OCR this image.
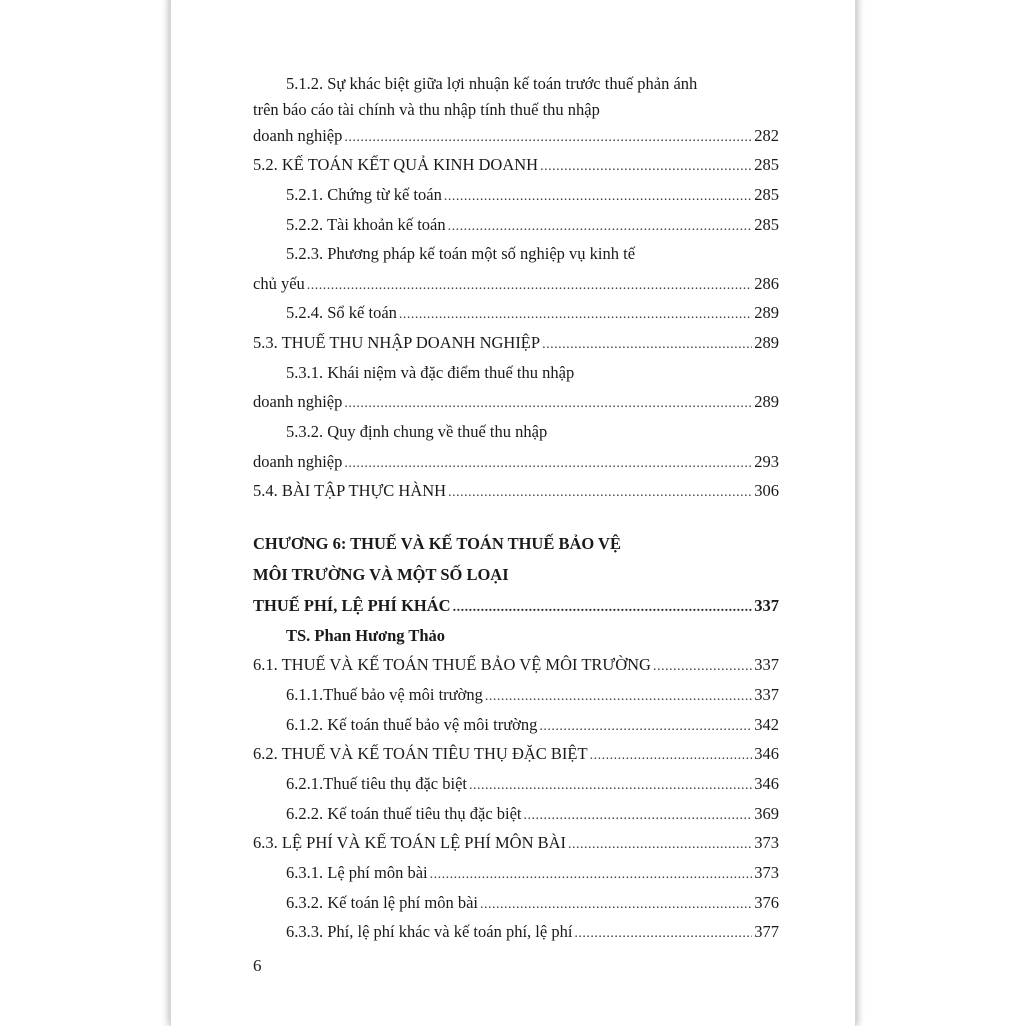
5.1.2. Sự khác biệt giữa lợi nhuận kế toán trước thuế phản ánh
trên báo cáo tài chính và thu nhập tính thuế thu nhập
doanh nghiệp .....	282
5.2. KẾ TOÁN KẾT QUẢ KINH DOANH .....	285
5.2.1. Chứng từ kế toán .....	285
5.2.2. Tài khoản kế toán .....	285
5.2.3. Phương pháp kế toán một số nghiệp vụ kinh tế
chủ yếu .....	286
5.2.4. Sổ kế toán .....	289
5.3. THUẾ THU NHẬP DOANH NGHIỆP .....	289
5.3.1. Khái niệm và đặc điểm thuế thu nhập
doanh nghiệp .....	289
5.3.2. Quy định chung về thuế thu nhập
doanh nghiệp .....	293
5.4. BÀI TẬP THỰC HÀNH .....	306
CHƯƠNG 6: THUẾ VÀ KẾ TOÁN THUẾ BẢO VỆ
MÔI TRƯỜNG VÀ MỘT SỐ LOẠI
THUẾ PHÍ, LỆ PHÍ KHÁC .....	337
TS. Phan Hương Thảo
6.1. THUẾ VÀ KẾ TOÁN THUẾ BẢO VỆ MÔI TRƯỜNG .....	337
6.1.1.Thuế bảo vệ môi trường .....	337
6.1.2. Kế toán thuế bảo vệ môi trường .....	342
6.2. THUẾ VÀ KẾ TOÁN TIÊU THỤ ĐẶC BIỆT .....	346
6.2.1.Thuế tiêu thụ đặc biệt .....	346
6.2.2. Kế toán thuế tiêu thụ đặc biệt .....	369
6.3. LỆ PHÍ VÀ KẾ TOÁN LỆ PHÍ MÔN BÀI .....	373
6.3.1. Lệ phí môn bài .....	373
6.3.2. Kế toán lệ phí môn bài .....	376
6.3.3. Phí, lệ phí khác và kế toán phí, lệ phí .....	377
6
